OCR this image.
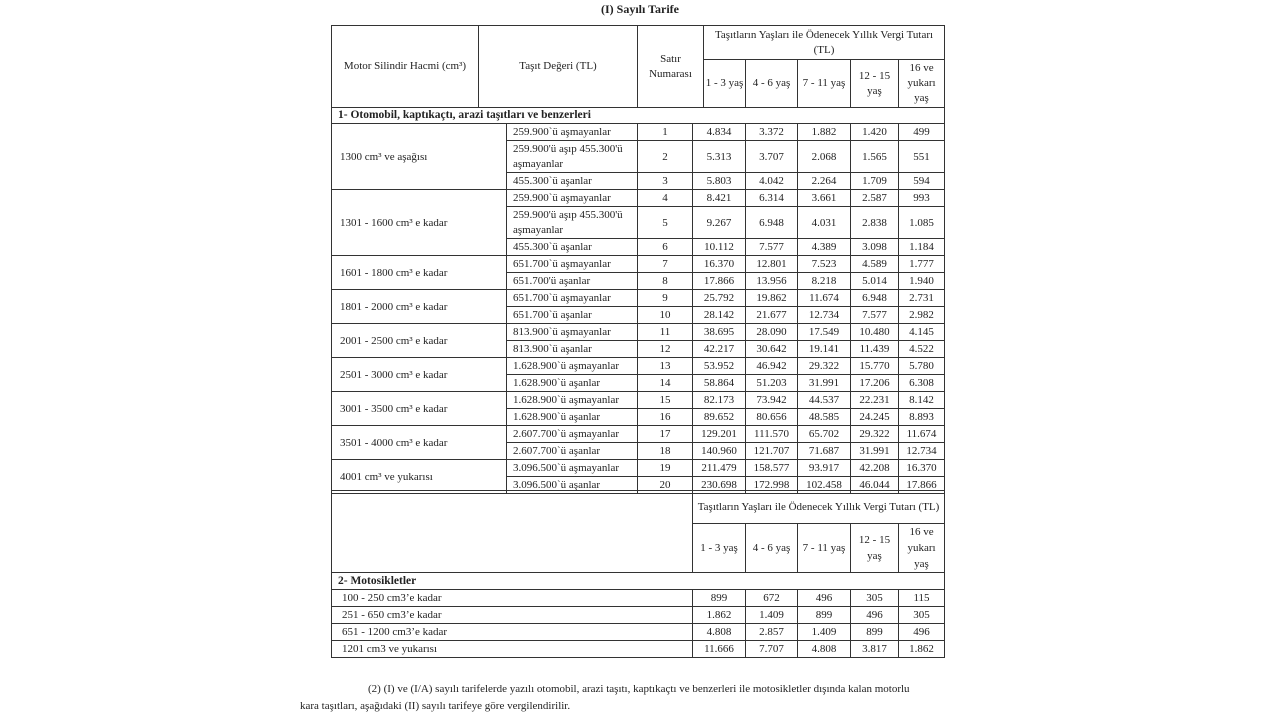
(I) Sayılı Tarife
Motor Silindir Hacmi (cm³)	Taşıt Değeri (TL)	Satır Numarası	Taşıtların Yaşları ile Ödenecek Yıllık Vergi Tutarı (TL)				
			1 - 3 yaş	4 - 6 yaş	7 - 11 yaş	12 - 15 yaş	16 ve yukarı yaş
1- Otomobil, kaptıkaçtı, arazi taşıtları ve benzerleri							
1300 cm³ ve aşağısı	259.900`ü aşmayanlar	1	4.834	3.372	1.882	1.420	499
	259.900'ü aşıp 455.300'ü aşmayanlar	2	5.313	3.707	2.068	1.565	551
	455.300`ü aşanlar	3	5.803	4.042	2.264	1.709	594
1301 - 1600 cm³ e kadar	259.900`ü aşmayanlar	4	8.421	6.314	3.661	2.587	993
	259.900'ü aşıp 455.300'ü aşmayanlar	5	9.267	6.948	4.031	2.838	1.085
	455.300`ü aşanlar	6	10.112	7.577	4.389	3.098	1.184
1601 - 1800 cm³ e kadar	651.700`ü aşmayanlar	7	16.370	12.801	7.523	4.589	1.777
	651.700'ü aşanlar	8	17.866	13.956	8.218	5.014	1.940
1801 - 2000 cm³ e kadar	651.700`ü aşmayanlar	9	25.792	19.862	11.674	6.948	2.731
	651.700`ü aşanlar	10	28.142	21.677	12.734	7.577	2.982
2001 - 2500 cm³ e kadar	813.900`ü aşmayanlar	11	38.695	28.090	17.549	10.480	4.145
	813.900`ü aşanlar	12	42.217	30.642	19.141	11.439	4.522
2501 - 3000 cm³ e kadar	1.628.900`ü aşmayanlar	13	53.952	46.942	29.322	15.770	5.780
	1.628.900`ü aşanlar	14	58.864	51.203	31.991	17.206	6.308
3001 - 3500 cm³ e kadar	1.628.900`ü aşmayanlar	15	82.173	73.942	44.537	22.231	8.142
	1.628.900`ü aşanlar	16	89.652	80.656	48.585	24.245	8.893
3501 - 4000 cm³ e kadar	2.607.700`ü aşmayanlar	17	129.201	111.570	65.702	29.322	11.674
	2.607.700`ü aşanlar	18	140.960	121.707	71.687	31.991	12.734
4001 cm³ ve yukarısı	3.096.500`ü aşmayanlar	19	211.479	158.577	93.917	42.208	16.370
	3.096.500`ü aşanlar	20	230.698	172.998	102.458	46.044	17.866
	Taşıtların Yaşları ile Ödenecek Yıllık Vergi Tutarı (TL)				
	1 - 3 yaş	4 - 6 yaş	7 - 11 yaş	12 - 15 yaş	16 ve yukarı yaş
2- Motosikletler					
100 - 250 cm3’e kadar	899	672	496	305	115
251 - 650 cm3’e kadar	1.862	1.409	899	496	305
651 - 1200 cm3’e kadar	4.808	2.857	1.409	899	496
1201 cm3 ve yukarısı	11.666	7.707	4.808	3.817	1.862

(2) (I) ve (I/A) sayılı tarifelerde yazılı otomobil, arazi taşıtı, kaptıkaçtı ve benzerleri ile motosikletler dışında kalan motorlu

kara taşıtları, aşağıdaki (II) sayılı tarifeye göre vergilendirilir.
